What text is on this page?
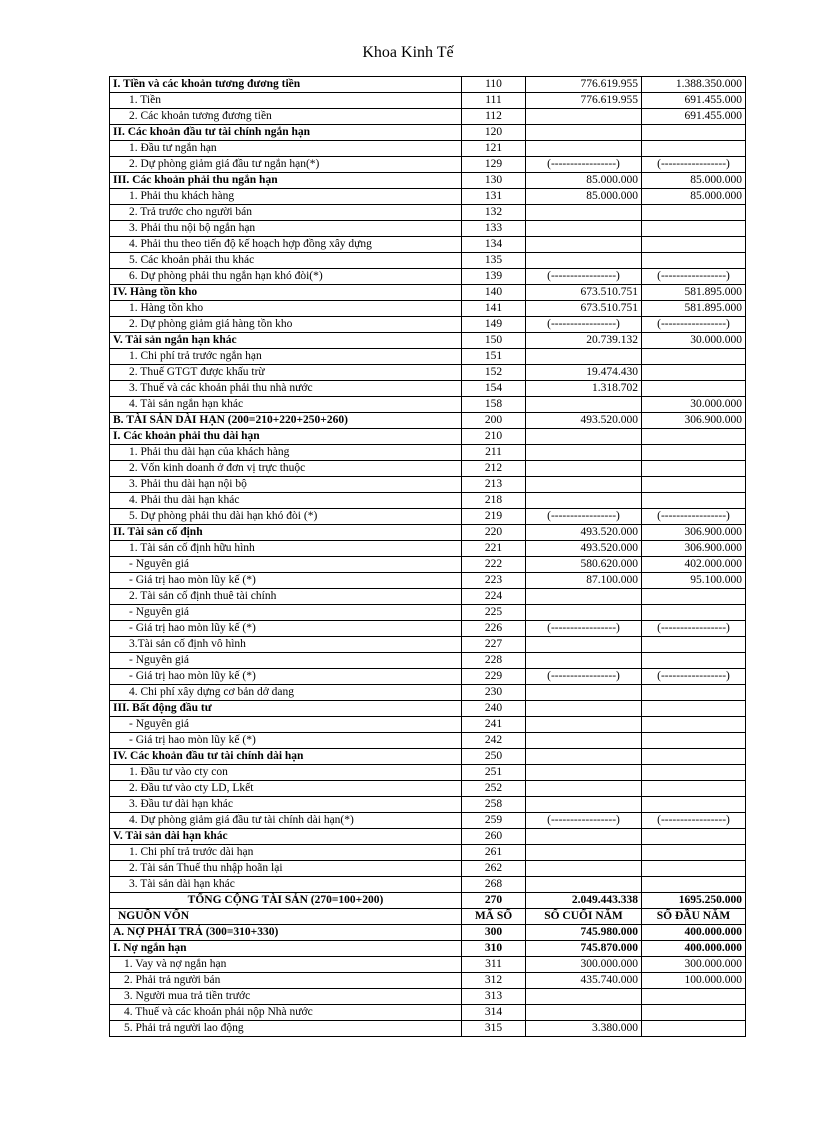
Khoa Kinh Tế
I. Tiền và các khoản tương đương tiền	110	776.619.955	1.388.350.000
1. Tiền	111	776.619.955	691.455.000
2. Các khoản tương đương tiền	112		691.455.000
II. Các khoản đầu tư tài chính ngắn hạn	120		
1. Đầu tư ngắn hạn	121		
2. Dự phòng giảm giá đầu tư ngắn hạn(*)	129	(-----------------)	(-----------------)
III. Các khoản phải thu ngắn hạn	130	85.000.000	85.000.000
1. Phải thu khách hàng	131	85.000.000	85.000.000
2. Trả trước cho người bán	132		
3. Phải thu nội bộ ngắn hạn	133		
4. Phải thu theo tiến độ kế hoạch hợp đồng xây dựng	134		
5. Các khoản phải thu khác	135		
6. Dự phòng phải thu ngắn hạn khó đòi(*)	139	(-----------------)	(-----------------)
IV. Hàng tồn kho	140	673.510.751	581.895.000
1. Hàng tồn kho	141	673.510.751	581.895.000
2. Dự phòng giảm giá hàng tồn kho	149	(-----------------)	(-----------------)
V. Tài sản ngắn hạn khác	150	20.739.132	30.000.000
1. Chi phí trả trước ngắn hạn	151		
2. Thuế GTGT được khấu trừ	152	19.474.430	
3. Thuế và các khoản phải thu nhà nước	154	1.318.702	
4. Tài sản ngắn hạn khác	158		30.000.000
B. TÀI SẢN DÀI HẠN (200=210+220+250+260)	200	493.520.000	306.900.000
I. Các khoản phải thu dài hạn	210		
1. Phải thu dài hạn của khách hàng	211		
2. Vốn kinh doanh ở đơn vị trực thuộc	212		
3. Phải thu dài hạn nội bộ	213		
4. Phải thu dài hạn khác	218		
5. Dự phòng phải thu dài hạn khó đòi (*)	219	(-----------------)	(-----------------)
II. Tài sản cố định	220	493.520.000	306.900.000
1. Tài sản cố định hữu hình	221	493.520.000	306.900.000
- Nguyên giá	222	580.620.000	402.000.000
- Giá trị hao mòn lũy kế (*)	223	87.100.000	95.100.000
2. Tài sản cố định thuê tài chính	224		
- Nguyên giá	225		
- Giá trị hao mòn lũy kế (*)	226	(-----------------)	(-----------------)
3.Tài sản cố định vô hình	227		
- Nguyên giá	228		
- Giá trị hao mòn lũy kế (*)	229	(-----------------)	(-----------------)
4. Chi phí xây dựng cơ bản dở dang	230		
III. Bất động đầu tư	240		
- Nguyên giá	241		
- Giá trị hao mòn lũy kế (*)	242		
IV. Các khoản đầu tư tài chính dài hạn	250		
1. Đầu tư vào cty con	251		
2. Đầu tư vào cty LD, Lkết	252		
3. Đầu tư dài hạn khác	258		
4. Dự phòng giảm giá đầu tư tài chính dài hạn(*)	259	(-----------------)	(-----------------)
V. Tài sản dài hạn khác	260		
1. Chi phí trả trước dài hạn	261		
2. Tài sản Thuế thu nhập hoãn lại	262		
3. Tài sản dài hạn khác	268		
TỔNG CỘNG TÀI SẢN (270=100+200)	270	2.049.443.338	1695.250.000
NGUỒN VỐN	MÃ SỐ	SỐ CUỐI NĂM	SỐ ĐẦU NĂM
A. NỢ PHẢI TRẢ (300=310+330)	300	745.980.000	400.000.000
I. Nợ ngắn hạn	310	745.870.000	400.000.000
1. Vay và nợ ngắn hạn	311	300.000.000	300.000.000
2. Phải trả người bán	312	435.740.000	100.000.000
3. Người mua trả tiền trước	313		
4. Thuế và các khoản phải nộp Nhà nước	314		
5. Phải trả người lao động	315	3.380.000	
